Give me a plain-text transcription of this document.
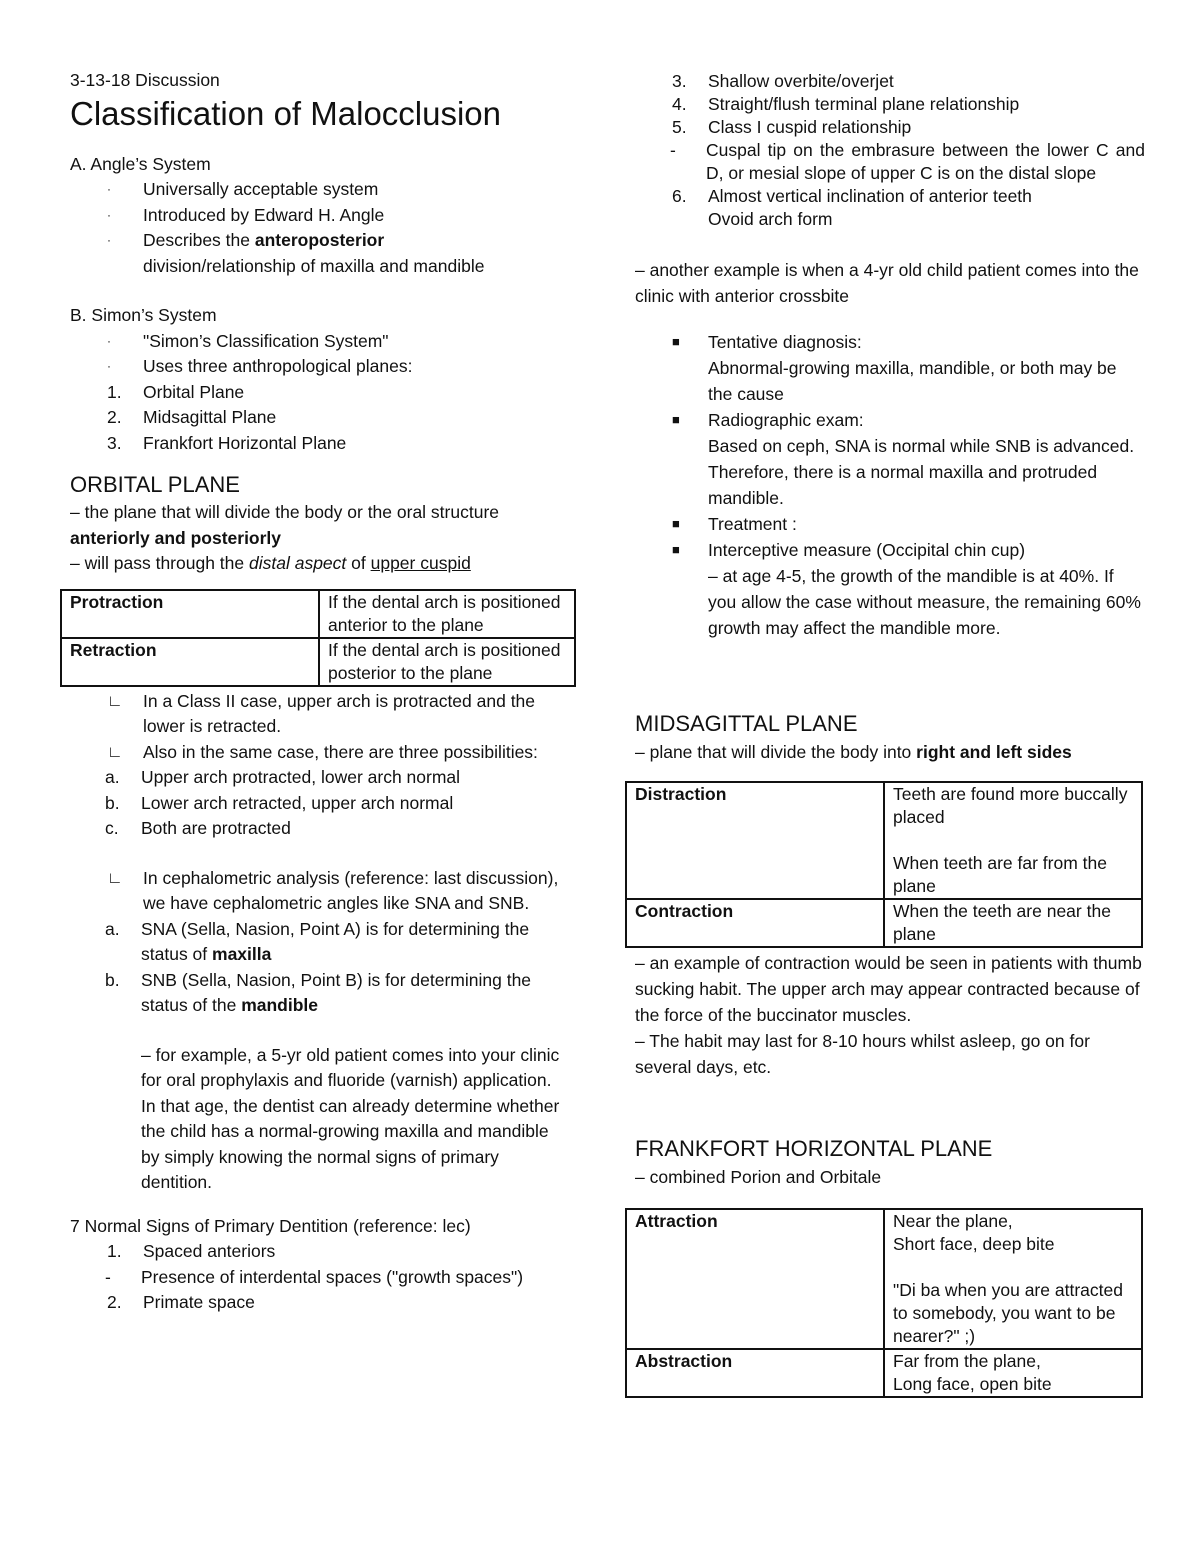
3-13-18 Discussion

Classification of Malocclusion

A. Angle’s System

·	Universally acceptable system
·	Introduced by Edward H. Angle
·	Describes the anteroposterior
division/relationship of maxilla and mandible

B. Simon’s System

·	"Simon’s Classification System"
·	Uses three anthropological planes:
1.	Orbital Plane
2.	Midsagittal Plane
3.	Frankfort Horizontal Plane

ORBITAL PLANE

– the plane that will divide the body or the oral structure
anteriorly and posteriorly

– will pass through the distal aspect of upper cuspid

Protraction	If the dental arch is positioned anterior to the plane
Retraction	If the dental arch is positioned posterior to the plane
∟	In a Class II case, upper arch is protracted and the lower is retracted.
∟	Also in the same case, there are three possibilities:
a.	Upper arch protracted, lower arch normal
b.	Lower arch retracted, upper arch normal
c.	Both are protracted
∟	In cephalometric analysis (reference: last discussion), we have cephalometric angles like SNA and SNB.
a.	SNA (Sella, Nasion, Point A) is for determining the status of maxilla
b.	SNB (Sella, Nasion, Point B) is for determining the status of the mandible

– for example, a 5-yr old patient comes into your clinic for oral prophylaxis and fluoride (varnish) application. In that age, the dentist can already determine whether the child has a normal-growing maxilla and mandible by simply knowing the normal signs of primary dentition.

7 Normal Signs of Primary Dentition (reference: lec)

1.	Spaced anteriors
-	Presence of interdental spaces ("growth spaces")
2.	Primate space
3.	Shallow overbite/overjet
4.	Straight/flush terminal plane relationship
5.	Class I cuspid relationship
-	Cuspal tip on the embrasure between the lower C and D, or mesial slope of upper C is on the distal slope
6.	Almost vertical inclination of anterior teeth
Ovoid arch form

– another example is when a 4-yr old child patient comes into the clinic with anterior crossbite

■	Tentative diagnosis:
Abnormal-growing maxilla, mandible, or both may be the cause
■	Radiographic exam:
Based on ceph, SNA is normal while SNB is advanced. Therefore, there is a normal maxilla and protruded mandible.
■	Treatment :
■	Interceptive measure (Occipital chin cup)
– at age 4-5, the growth of the mandible is at 40%. If you allow the case without measure, the remaining 60% growth may affect the mandible more.

MIDSAGITTAL PLANE

– plane that will divide the body into right and left sides

Distraction	Teeth are found more buccally placed

When teeth are far from the plane
Contraction	When the teeth are near the plane

– an example of contraction would be seen in patients with thumb sucking habit. The upper arch may appear contracted because of the force of the buccinator muscles.

– The habit may last for 8-10 hours whilst asleep, go on for several days, etc.

FRANKFORT HORIZONTAL PLANE

– combined Porion and Orbitale

Attraction	Near the plane,
Short face, deep bite

"Di ba when you are attracted to somebody, you want to be nearer?" ;)
Abstraction	Far from the plane,
Long face, open bite
